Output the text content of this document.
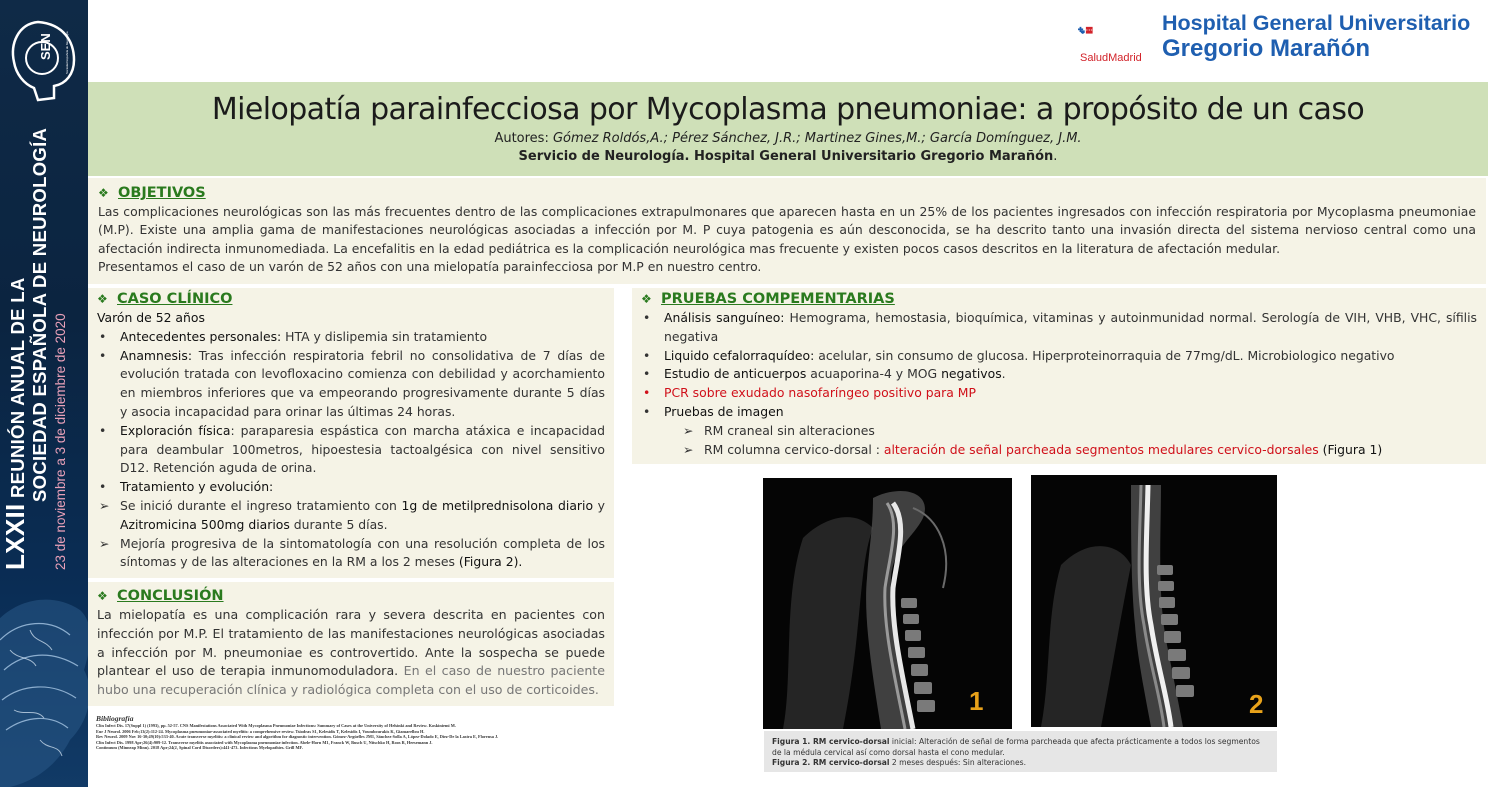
SEN	Sociedad Española de Neurología
LXXII REUNIÓN ANUAL DE LA SOCIEDAD ESPAÑOLA DE NEUROLOGÍA 23 de noviembre a 3 de diciembre de 2020
✶✶✶
SaludMadrid
Hospital General Universitario
Gregorio Marañón
Mielopatía parainfecciosa por Mycoplasma pneumoniae: a propósito de un caso
Autores: Gómez Roldós,A.; Pérez Sánchez, J.R.; Martinez Gines,M.; García Domínguez, J.M.
Servicio de Neurología. Hospital General Universitario Gregorio Marañón.
❖ OBJETIVOS
Las complicaciones neurológicas son las más frecuentes dentro de las complicaciones extrapulmonares que aparecen hasta en un 25% de los pacientes ingresados con infección respiratoria por Mycoplasma pneumoniae (M.P). Existe una amplia gama de manifestaciones neurológicas asociadas a infección por M. P cuya patogenia es aún desconocida, se ha descrito tanto una invasión directa del sistema nervioso central como una afectación indirecta inmunomediada. La encefalitis en la edad pediátrica es la complicación neurológica mas frecuente y existen pocos casos descritos en la literatura de afectación medular.
Presentamos el caso de un varón de 52 años con una mielopatía parainfecciosa por M.P en nuestro centro.
❖ CASO CLÍNICO
Varón de 52 años
• Antecedentes personales: HTA y dislipemia sin tratamiento
• Anamnesis: Tras infección respiratoria febril no consolidativa de 7 días de evolución tratada con levofloxacino comienza con debilidad y acorchamiento en miembros inferiores que va empeorando progresivamente durante 5 días y asocia incapacidad para orinar las últimas 24 horas.
• Exploración física: paraparesia espástica con marcha atáxica e incapacidad para deambular 100metros, hipoestesia tactoalgésica con nivel sensitivo D12. Retención aguda de orina.
• Tratamiento y evolución:
➢ Se inició durante el ingreso tratamiento con 1g de metilprednisolona diario y Azitromicina 500mg diarios durante 5 días.
➢ Mejoría progresiva de la sintomatología con una resolución completa de los síntomas y de las alteraciones en la RM a los 2 meses (Figura 2).
❖ CONCLUSIÓN
La mielopatía es una complicación rara y severa descrita en pacientes con infección por M.P. El tratamiento de las manifestaciones neurológicas asociadas a infección por M. pneumoniae es controvertido. Ante la sospecha se puede plantear el uso de terapia inmunomoduladora. En el caso de nuestro paciente hubo una recuperación clínica y radiológica completa con el uso de corticoides.
❖ PRUEBAS COMPEMENTARIAS
• Análisis sanguíneo: Hemograma, hemostasia, bioquímica, vitaminas y autoinmunidad normal. Serología de VIH, VHB, VHC, sífilis negativa
• Liquido cefalorraquídeo: acelular, sin consumo de glucosa. Hiperproteinorraquia de 77mg/dL. Microbiologico negativo
• Estudio de anticuerpos acuaporina-4 y MOG negativos.
• PCR sobre exudado nasofaríngeo positivo para MP
• Pruebas de imagen
➢ RM craneal sin alteraciones
➢ RM columna cervico-dorsal : alteración de señal parcheada segmentos medulares cervico-dorsales (Figura 1)
1	2
Figura 1. RM cervico-dorsal inicial: Alteración de señal de forma parcheada que afecta prácticamente a todos los segmentos de la médula cervical así como dorsal hasta el cono medular.
Figura 2. RM cervico-dorsal 2 meses después: Sin alteraciones.
Bibliografía
Clin Infect Dis. 17(Suppl 1) (1993), pp. 52-57. CNS Manifestations Associated With Mycoplasma Pneumoniae Infections: Summary of Cases at the University of Helsinki and Review. Koskiniemi M.
Eur J Neurol. 2006 Feb;13(2):112-24. Mycoplasma pneumoniae-associated myelitis: a comprehensive review. Tsiodras S1, Kelesidis T, Kelesidis I, Voumbourakis K, Giamarellou H.
Rev Neurol. 2009 Nov 16-30;49(10):533-40. Acute transverse myelitis: a clinical review and algorithm for diagnostic intervention. Gómez-Argüelles JM1, Sánchez-Solla A, López-Dolado E, Díez-De la Lastra E, Florensa J.
Clin Infect Dis. 1998 Apr;26(4):909-12. Transverse myelitis associated with Mycoplasma pneumoniae infection. Abele-Horn M1, Franck W, Busch U, Nitschko H, Roos R, Heesemann J.
Continuum (Minneap Minn). 2018 Apr;24(2, Spinal Cord Disorders):441-473. Infectious Myelopathies. Grill MF.
